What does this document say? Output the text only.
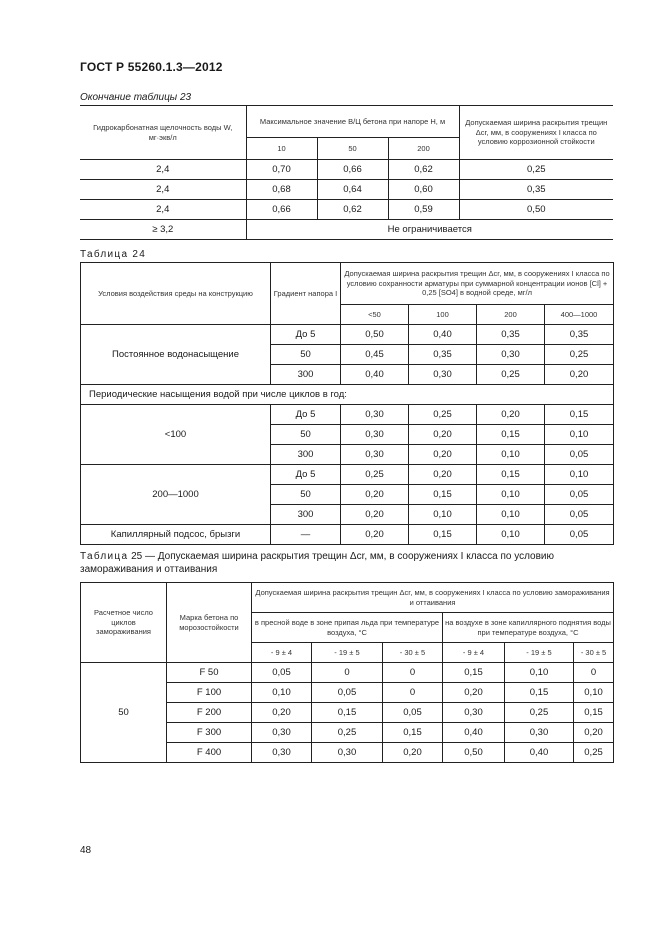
ГОСТ Р 55260.1.3—2012
Окончание таблицы 23
Гидрокарбонатная щелочность воды W, мг·экв/л	Максимальное значение В/Ц бетона при напоре H, м			Допускаемая ширина раскрытия трещин Δcr, мм, в сооружениях I класса по условию коррозионной стойкости
	10	50	200	
2,4	0,70	0,66	0,62	0,25
2,4	0,68	0,64	0,60	0,35
2,4	0,66	0,62	0,59	0,50
≥ 3,2	Не ограничивается			
Таблица 24
Условия воздействия среды на конструкцию	Градиент напора I	Допускаемая ширина раскрытия трещин Δcr, мм, в сооружениях I класса по условию сохранности арматуры при суммарной концентрации ионов [Cl] + 0,25 [SO4] в водной среде, мг/л			
		<50	100	200	400—1000
Постоянное водонасыщение	До 5	0,50	0,40	0,35	0,35
	50	0,45	0,35	0,30	0,25
	300	0,40	0,30	0,25	0,20
Периодические насыщения водой при числе циклов в год:					
<100	До 5	0,30	0,25	0,20	0,15
	50	0,30	0,20	0,15	0,10
	300	0,30	0,20	0,10	0,05
200—1000	До 5	0,25	0,20	0,15	0,10
	50	0,20	0,15	0,10	0,05
	300	0,20	0,10	0,10	0,05
Капиллярный подсос, брызги	—	0,20	0,15	0,10	0,05
Таблица 25 — Допускаемая ширина раскрытия трещин Δcr, мм, в сооружениях I класса по условию замораживания и оттаивания
Расчетное число циклов замораживания	Марка бетона по морозостойкости	Допускаемая ширина раскрытия трещин Δcr, мм, в сооружениях I класса по условию замораживания и оттаивания					
		в пресной воде в зоне припая льда при температуре воздуха, °С			на воздухе в зоне капиллярного поднятия воды при температуре воздуха, °С		
		- 9 ± 4	- 19 ± 5	- 30 ± 5	- 9 ± 4	- 19 ± 5	- 30 ± 5
50	F 50	0,05	0	0	0,15	0,10	0
	F 100	0,10	0,05	0	0,20	0,15	0,10
	F 200	0,20	0,15	0,05	0,30	0,25	0,15
	F 300	0,30	0,25	0,15	0,40	0,30	0,20
	F 400	0,30	0,30	0,20	0,50	0,40	0,25
48
